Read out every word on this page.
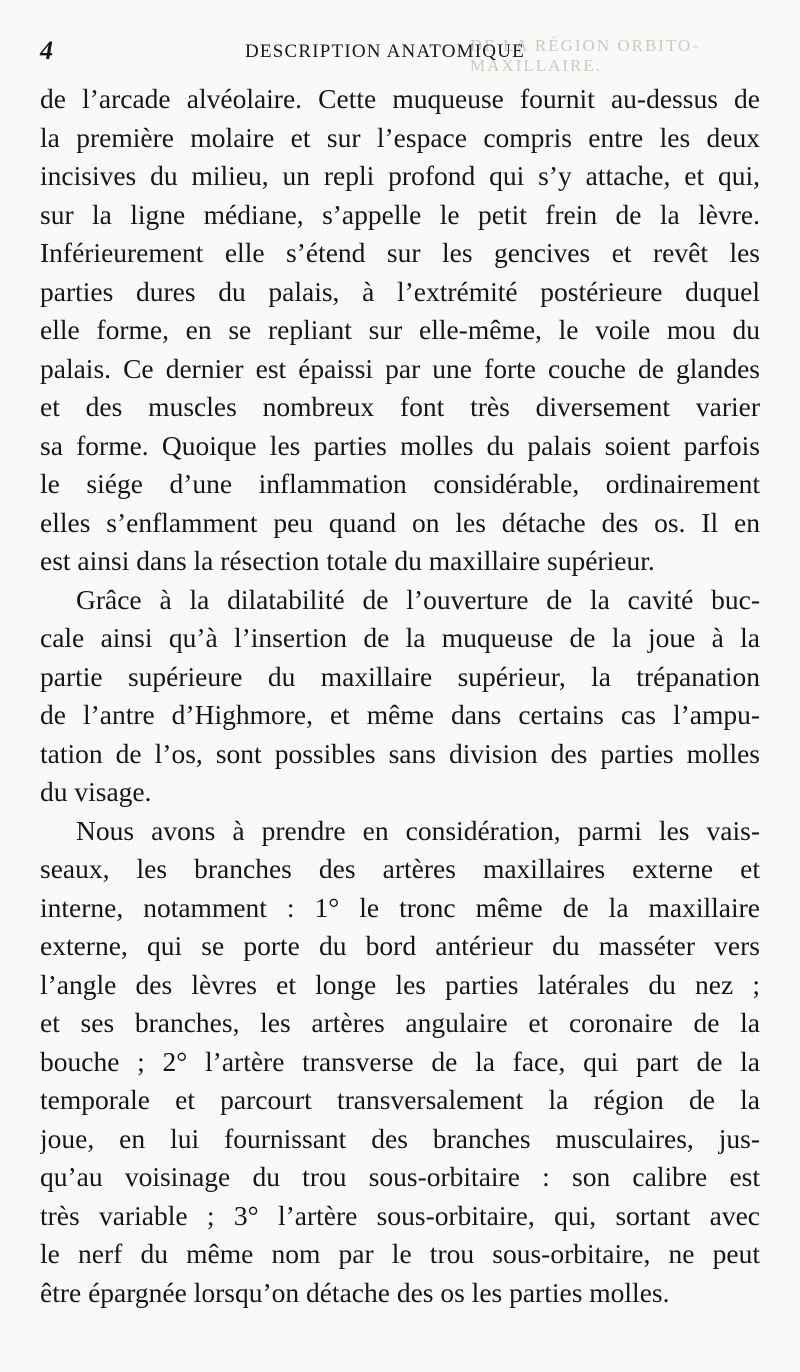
DE LA RÉGION ORBITO-MAXILLAIRE.
4	DESCRIPTION ANATOMIQUE
de l’arcade alvéolaire. Cette muqueuse fournit au-dessus de
la première molaire et sur l’espace compris entre les deux
incisives du milieu, un repli profond qui s’y attache, et qui,
sur la ligne médiane, s’appelle le petit frein de la lèvre.
Inférieurement elle s’étend sur les gencives et revêt les
parties dures du palais, à l’extrémité postérieure duquel
elle forme, en se repliant sur elle-même, le voile mou du
palais. Ce dernier est épaissi par une forte couche de glandes
et des muscles nombreux font très diversement varier
sa forme. Quoique les parties molles du palais soient parfois
le siége d’une inflammation considérable, ordinairement
elles s’enflamment peu quand on les détache des os. Il en
est ainsi dans la résection totale du maxillaire supérieur.
Grâce à la dilatabilité de l’ouverture de la cavité buc-
cale ainsi qu’à l’insertion de la muqueuse de la joue à la
partie supérieure du maxillaire supérieur, la trépanation
de l’antre d’Highmore, et même dans certains cas l’ampu-
tation de l’os, sont possibles sans division des parties molles
du visage.
Nous avons à prendre en considération, parmi les vais-
seaux, les branches des artères maxillaires externe et
interne, notamment : 1° le tronc même de la maxillaire
externe, qui se porte du bord antérieur du masséter vers
l’angle des lèvres et longe les parties latérales du nez ;
et ses branches, les artères angulaire et coronaire de la
bouche ; 2° l’artère transverse de la face, qui part de la
temporale et parcourt transversalement la région de la
joue, en lui fournissant des branches musculaires, jus-
qu’au voisinage du trou sous-orbitaire : son calibre est
très variable ; 3° l’artère sous-orbitaire, qui, sortant avec
le nerf du même nom par le trou sous-orbitaire, ne peut
être épargnée lorsqu’on détache des os les parties molles.
